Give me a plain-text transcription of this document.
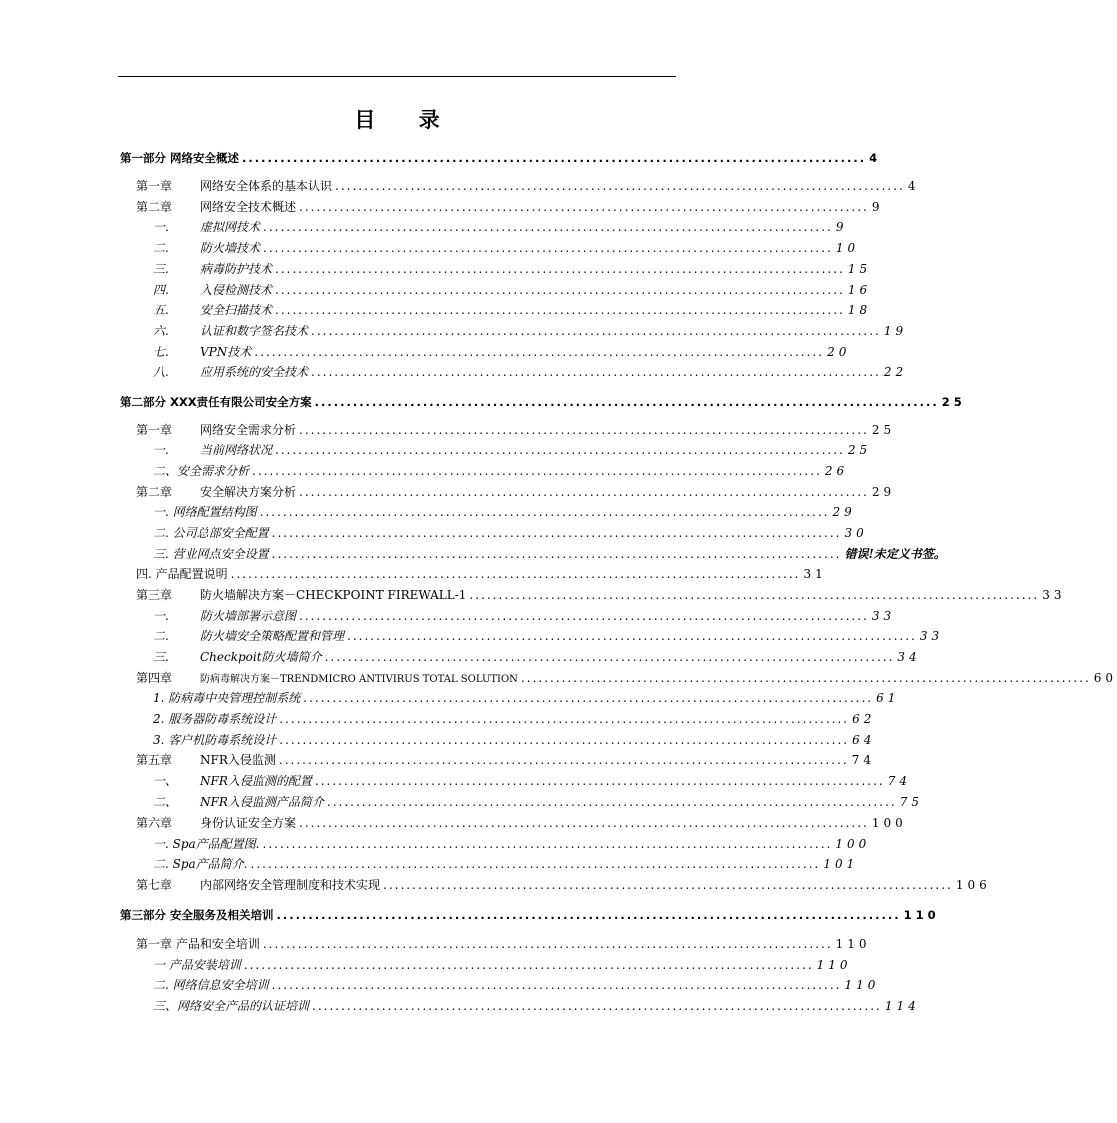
目 录
第一部分 网络安全概述 .................................................................................................. 4
第一章 网络安全体系的基本认识 .................................................................................................. 4
第二章 网络安全技术概述 .................................................................................................. 9
一.	虚拟网技术 .................................................................................................. 9
二.	防火墙技术 .................................................................................................. 10
三.	病毒防护技术 .................................................................................................. 15
四.	入侵检测技术 .................................................................................................. 16
五.	安全扫描技术 .................................................................................................. 18
六.	认证和数字签名技术 .................................................................................................. 19
七.	VPN技术 .................................................................................................. 20
八.	应用系统的安全技术 .................................................................................................. 22
第二部分 XXX责任有限公司安全方案 .................................................................................................. 25
第一章 网络安全需求分析 .................................................................................................. 25
一.	当前网络状况 .................................................................................................. 25
二、安全需求分析 .................................................................................................. 26
第二章 安全解决方案分析 .................................................................................................. 29
一. 网络配置结构图 .................................................................................................. 29
二. 公司总部安全配置 .................................................................................................. 30
三. 营业网点安全设置 .................................................................................................. 错误!未定义书签。
四. 产品配置说明 .................................................................................................. 31
第三章 防火墙解决方案－CHECKPOINT FIREWALL-1 .................................................................................................. 33
一.	防火墙部署示意图 .................................................................................................. 33
二.	防火墙安全策略配置和管理 .................................................................................................. 33
三.	Checkpoit防火墙简介 .................................................................................................. 34
第四章	防病毒解决方案－TRENDMICRO ANTIVIRUS TOTAL SOLUTION .................................................................................................. 60
1. 防病毒中央管理控制系统 .................................................................................................. 61
2. 服务器防毒系统设计 .................................................................................................. 62
3. 客户机防毒系统设计 .................................................................................................. 64
第五章 NFR入侵监测 .................................................................................................. 74
一、 NFR入侵监测的配置 .................................................................................................. 74
二、 NFR入侵监测产品简介 .................................................................................................. 75
第六章 身份认证安全方案 .................................................................................................. 100
一. Spa产品配置图. .................................................................................................. 100
二. Spa产品简介. .................................................................................................. 101
第七章 内部网络安全管理制度和技术实现 .................................................................................................. 106
第三部分 安全服务及相关培训 .................................................................................................. 110
第一章 产品和安全培训 .................................................................................................. 110
一 产品安装培训 .................................................................................................. 110
二. 网络信息安全培训 .................................................................................................. 110
三、网络安全产品的认证培训 .................................................................................................. 114
